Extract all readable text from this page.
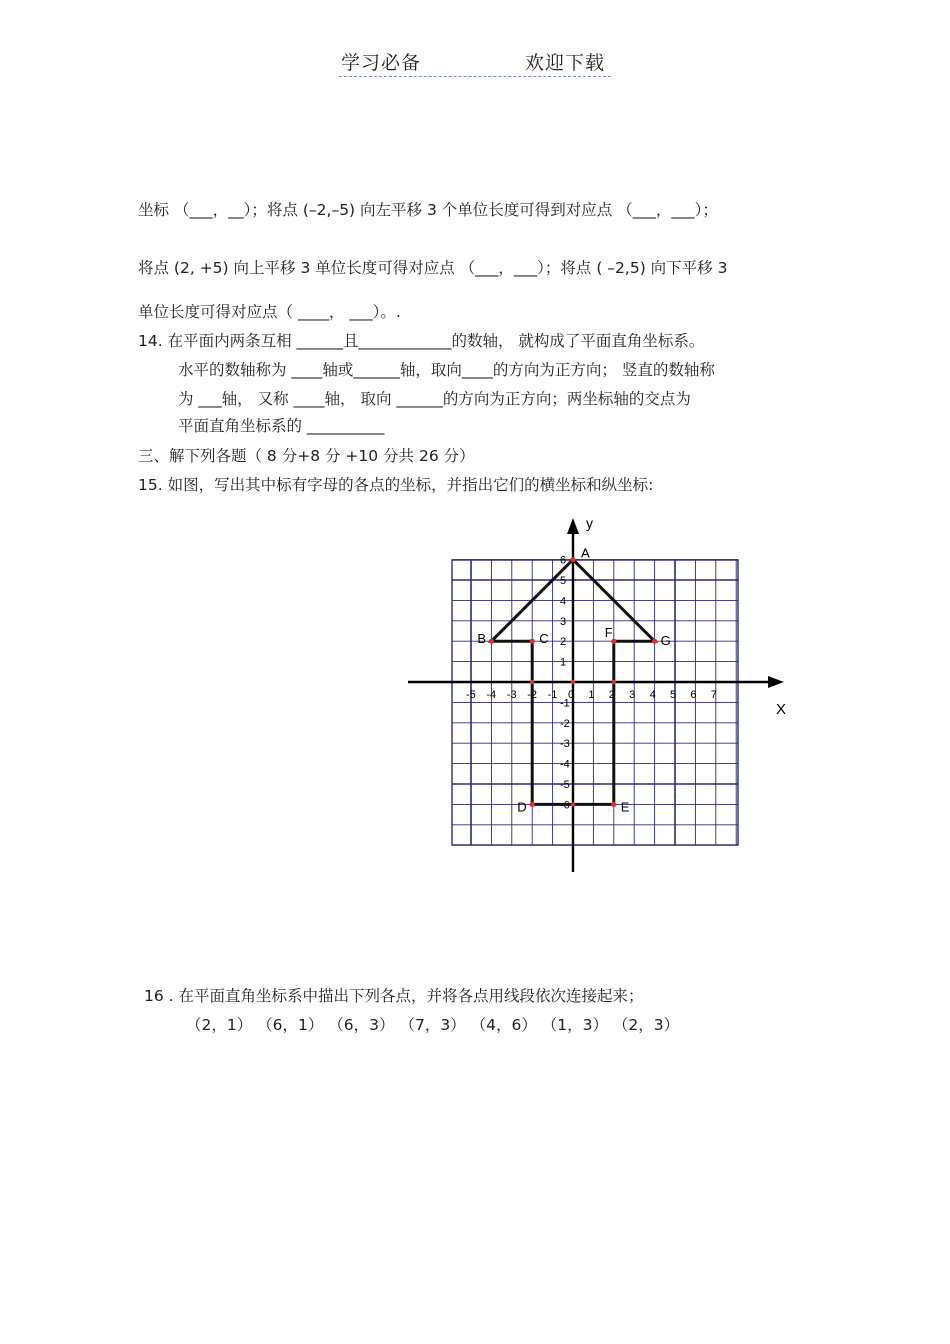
学习必备	欢迎下载
坐标 （___，__）；将点 (–2,–5) 向左平移 3 个单位长度可得到对应点 （___，___）；
将点 (2, +5) 向上平移 3 单位长度可得对应点 （___，___）；将点 ( –2,5) 向下平移 3
单位长度可得对应点（ ____， ___）。.
14. 在平面内两条互相 ______且____________的数轴， 就构成了平面直角坐标系。
水平的数轴称为 ____轴或______轴，取向____的方向为正方向； 竖直的数轴称
为 ___轴， 又称 ____轴， 取向 ______的方向为正方向；两坐标轴的交点为
平面直角坐标系的 __________
三、解下列各题（ 8 分+8 分 +10 分共 26 分）
15. 如图，写出其中标有字母的各点的坐标，并指出它们的横坐标和纵坐标:
X
y
-5 -4 -3 -2 -1 0 1 2 3 4 5 6 7
6
5
4
3
2
1
-1
-2
-3
-4
-5
-6
A
B	C
D	E
F
G
16 . 在平面直角坐标系中描出下列各点，并将各点用线段依次连接起来；
（2，1） （6，1） （6，3） （7，3） （4，6） （1，3） （2，3）
